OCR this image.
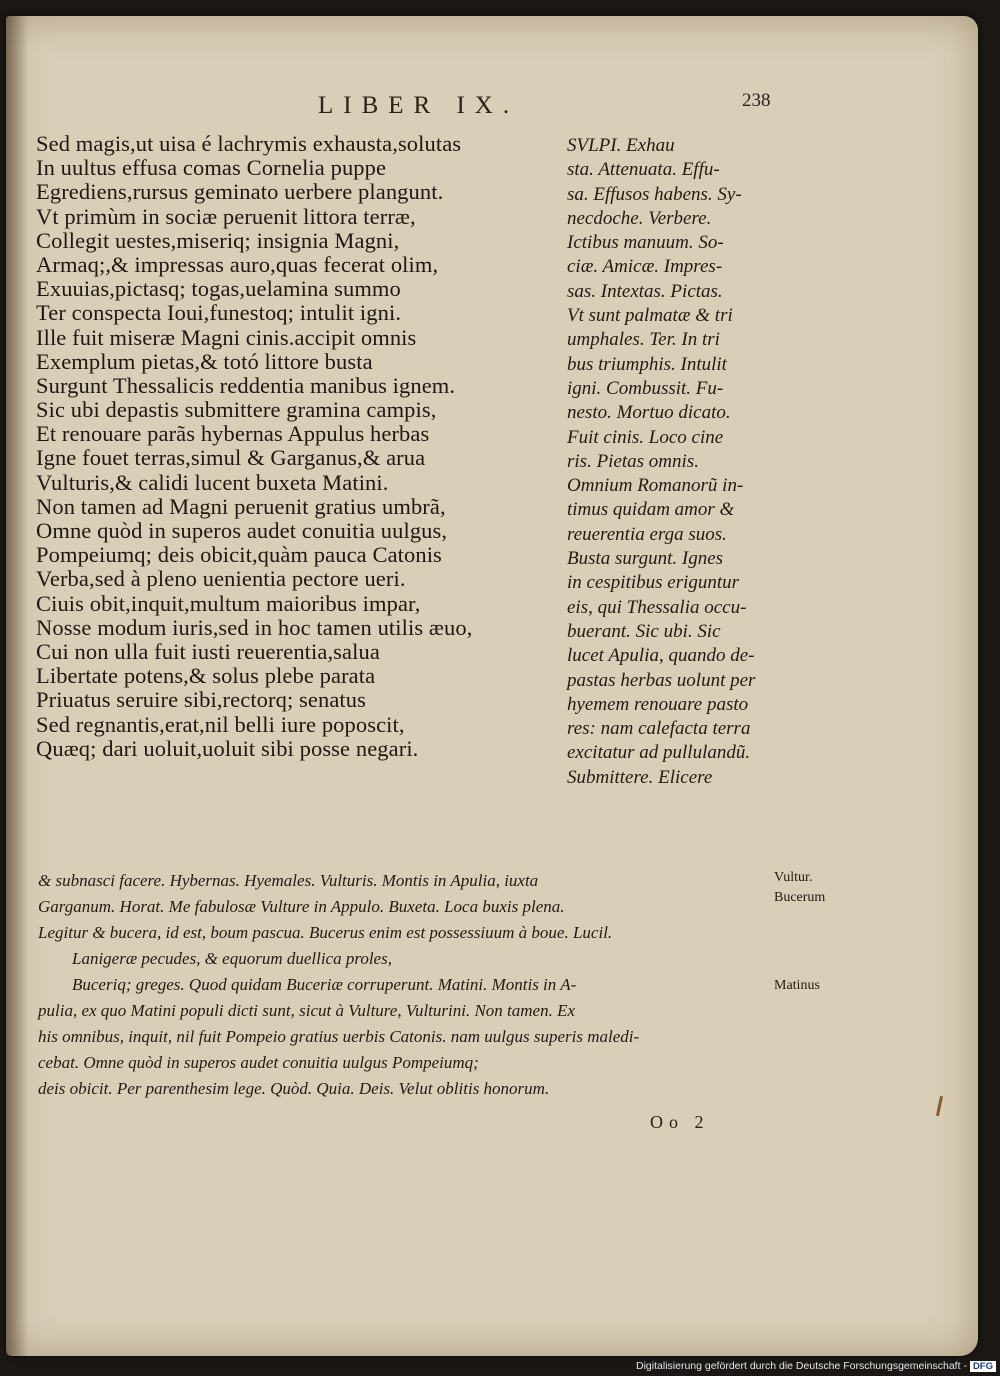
LIBER IX.	238
Sed magis,ut uisa é lachrymis exhausta,solutas
In uultus effusa comas Cornelia puppe
Egrediens,rursus geminato uerbere plangunt.
Vt primùm in sociæ peruenit littora terræ,
Collegit uestes,miseriq; insignia Magni,
Armaq;,& impressas auro,quas fecerat olim,
Exuuias,pictasq; togas,uelamina summo
Ter conspecta Ioui,funestoq; intulit igni.
Ille fuit miseræ Magni cinis.accipit omnis
Exemplum pietas,& totó littore busta
Surgunt Thessalicis reddentia manibus ignem.
Sic ubi depastis submittere gramina campis,
Et renouare parãs hybernas Appulus herbas
Igne fouet terras,simul & Garganus,& arua
Vulturis,& calidi lucent buxeta Matini.
Non tamen ad Magni peruenit gratius umbrã,
Omne quòd in superos audet conuitia uulgus,
Pompeiumq; deis obicit,quàm pauca Catonis
Verba,sed à pleno uenientia pectore ueri.
Ciuis obit,inquit,multum maioribus impar,
Nosse modum iuris,sed in hoc tamen utilis æuo,
Cui non ulla fuit iusti reuerentia,salua
Libertate potens,& solus plebe parata
Priuatus seruire sibi,rectorq; senatus
Sed regnantis,erat,nil belli iure poposcit,
Quæq; dari uoluit,uoluit sibi posse negari.
SVLPI. Exhau
sta. Attenuata. Effu-
sa. Effusos habens. Sy-
necdoche. Verbere.
Ictibus manuum. So-
ciæ. Amicæ. Impres-
sas. Intextas. Pictas.
Vt sunt palmatæ & tri
umphales. Ter. In tri
bus triumphis. Intulit
igni. Combussit. Fu-
nesto. Mortuo dicato.
Fuit cinis. Loco cine
ris. Pietas omnis.
Omnium Romanorũ in-
timus quidam amor &
reuerentia erga suos.
Busta surgunt. Ignes
in cespitibus eriguntur
eis, qui Thessalia occu-
buerant. Sic ubi. Sic
lucet Apulia, quando de-
pastas herbas uolunt per
hyemem renouare pasto
res: nam calefacta terra
excitatur ad pullulandũ.
Submittere. Elicere
& subnasci facere. Hybernas. Hyemales. Vulturis. Montis in Apulia, iuxta
Garganum. Horat. Me fabulosæ Vulture in Appulo. Buxeta. Loca buxis plena.
Legitur & bucera, id est, boum pascua. Bucerus enim est possessiuum à boue. Lucil.
Lanigeræ pecudes, & equorum duellica proles,
Buceriq; greges. Quod quidam Buceriæ corruperunt. Matini. Montis in A-
pulia, ex quo Matini populi dicti sunt, sicut à Vulture, Vulturini. Non tamen. Ex
his omnibus, inquit, nil fuit Pompeio gratius uerbis Catonis. nam uulgus superis maledi-
cebat. Omne quòd in superos audet conuitia uulgus Pompeiumq;
deis obicit. Per parenthesim lege. Quòd. Quia. Deis. Velut oblitis honorum.
Vultur.
Bucerum
Matinus
Oo 2
Digitalisierung gefördert durch die Deutsche Forschungsgemeinschaft - DFG
